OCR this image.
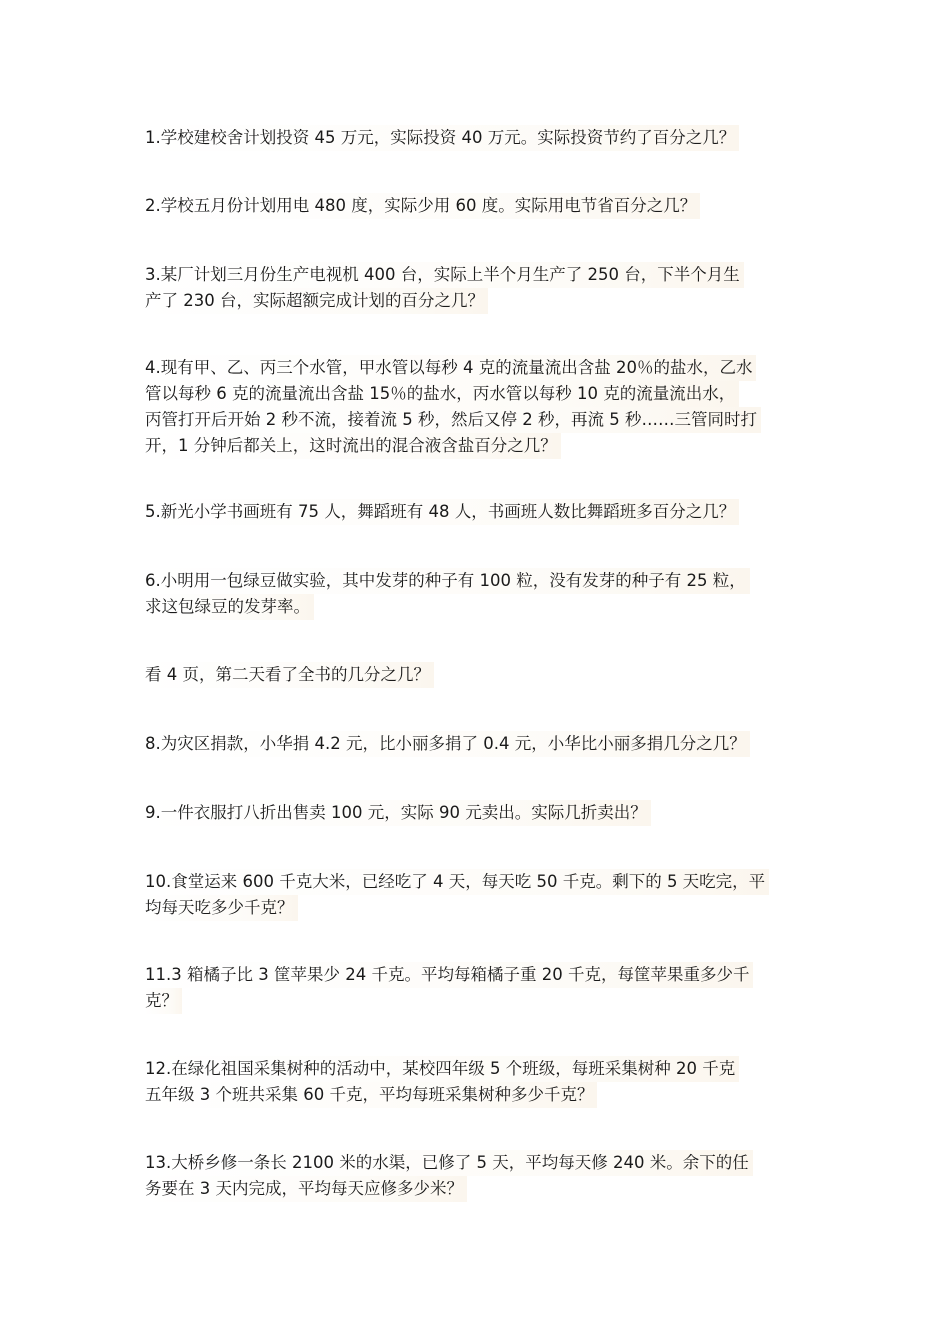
1.学校建校舍计划投资 45 万元，实际投资 40 万元。实际投资节约了百分之几？
2.学校五月份计划用电 480 度，实际少用 60 度。实际用电节省百分之几？
3.某厂计划三月份生产电视机 400 台，实际上半个月生产了 250 台，下半个月生
产了 230 台，实际超额完成计划的百分之几？
4.现有甲、乙、丙三个水管，甲水管以每秒 4 克的流量流出含盐 20％的盐水，乙水
管以每秒 6 克的流量流出含盐 15％的盐水，丙水管以每秒 10 克的流量流出水，
丙管打开后开始 2 秒不流，接着流 5 秒，然后又停 2 秒，再流 5 秒……三管同时打
开，1 分钟后都关上，这时流出的混合液含盐百分之几？
5.新光小学书画班有 75 人，舞蹈班有 48 人，书画班人数比舞蹈班多百分之几？
6.小明用一包绿豆做实验，其中发芽的种子有 100 粒，没有发芽的种子有 25 粒，
求这包绿豆的发芽率。
看 4 页，第二天看了全书的几分之几？
8.为灾区捐款，小华捐 4.2 元，比小丽多捐了 0.4 元，小华比小丽多捐几分之几？
9.一件衣服打八折出售卖 100 元，实际 90 元卖出。实际几折卖出？
10.食堂运来 600 千克大米，已经吃了 4 天，每天吃 50 千克。剩下的 5 天吃完，平
均每天吃多少千克？
11.3 箱橘子比 3 筐苹果少 24 千克。平均每箱橘子重 20 千克，每筐苹果重多少千
克？
12.在绿化祖国采集树种的活动中，某校四年级 5 个班级，每班采集树种 20 千克
五年级 3 个班共采集 60 千克，平均每班采集树种多少千克？
13.大桥乡修一条长 2100 米的水渠，已修了 5 天，平均每天修 240 米。余下的任
务要在 3 天内完成，平均每天应修多少米？
